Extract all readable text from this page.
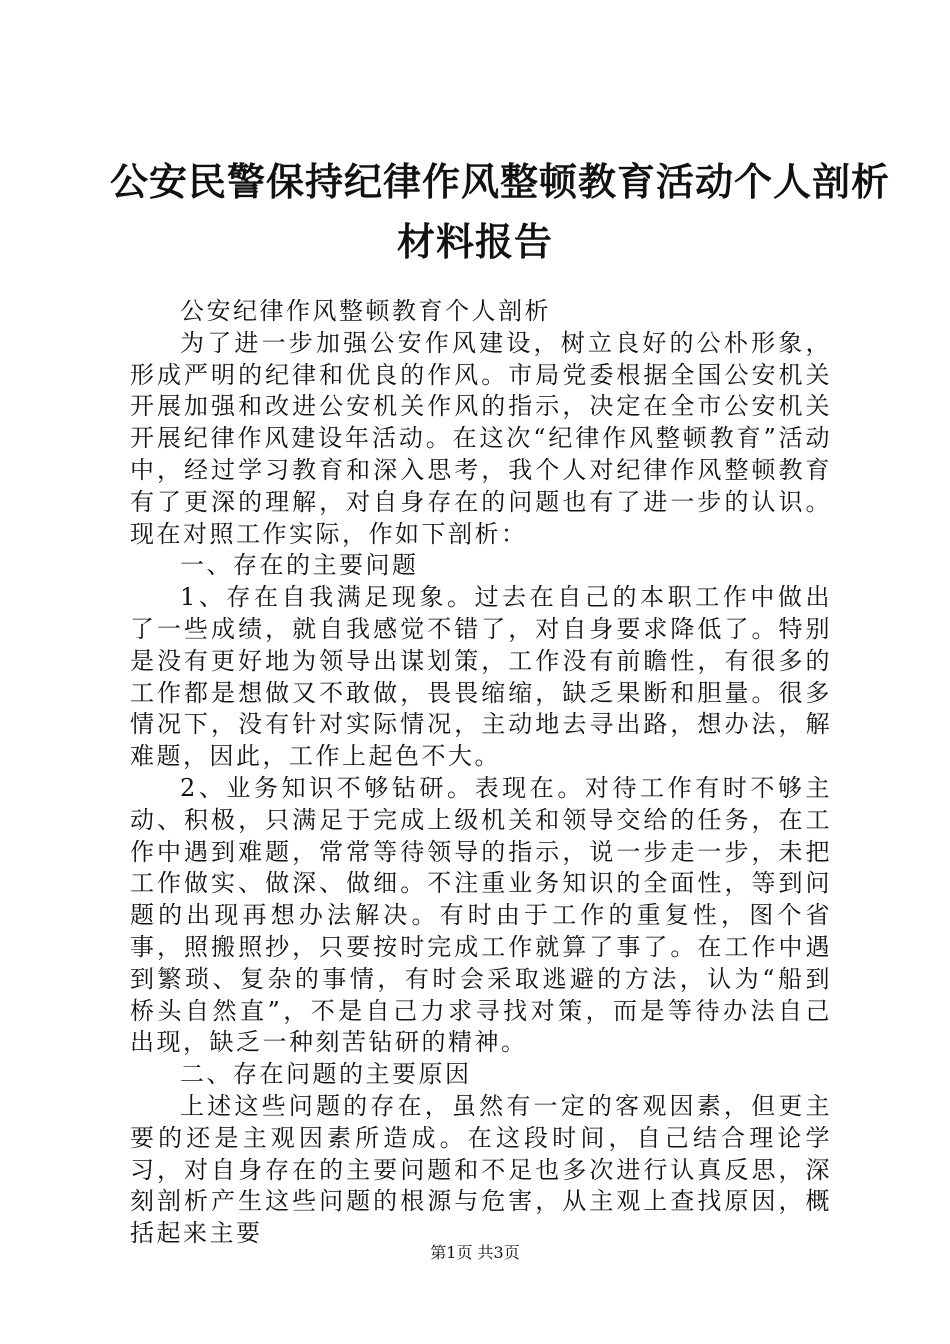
公安民警保持纪律作风整顿教育活动个人剖析
材料报告

公安纪律作风整顿教育个人剖析

为了进一步加强公安作风建设，树立良好的公朴形象，形成严明的纪律和优良的作风。市局党委根据全国公安机关开展加强和改进公安机关作风的指示，决定在全市公安机关开展纪律作风建设年活动。在这次“纪律作风整顿教育”活动中，经过学习教育和深入思考，我个人对纪律作风整顿教育有了更深的理解，对自身存在的问题也有了进一步的认识。现在对照工作实际，作如下剖析：

一、存在的主要问题

1、存在自我满足现象。过去在自己的本职工作中做出了一些成绩，就自我感觉不错了，对自身要求降低了。特别是没有更好地为领导出谋划策，工作没有前瞻性，有很多的工作都是想做又不敢做，畏畏缩缩，缺乏果断和胆量。很多情况下，没有针对实际情况，主动地去寻出路，想办法，解难题，因此，工作上起色不大。

2、业务知识不够钻研。表现在。对待工作有时不够主动、积极，只满足于完成上级机关和领导交给的任务，在工作中遇到难题，常常等待领导的指示，说一步走一步，未把工作做实、做深、做细。不注重业务知识的全面性，等到问题的出现再想办法解决。有时由于工作的重复性，图个省事，照搬照抄，只要按时完成工作就算了事了。在工作中遇到繁琐、复杂的事情，有时会采取逃避的方法，认为“船到桥头自然直”，不是自己力求寻找对策，而是等待办法自己出现，缺乏一种刻苦钻研的精神。

二、存在问题的主要原因

上述这些问题的存在，虽然有一定的客观因素，但更主要的还是主观因素所造成。在这段时间，自己结合理论学习，对自身存在的主要问题和不足也多次进行认真反思，深刻剖析产生这些问题的根源与危害，从主观上查找原因，概括起来主要

第1页 共3页
